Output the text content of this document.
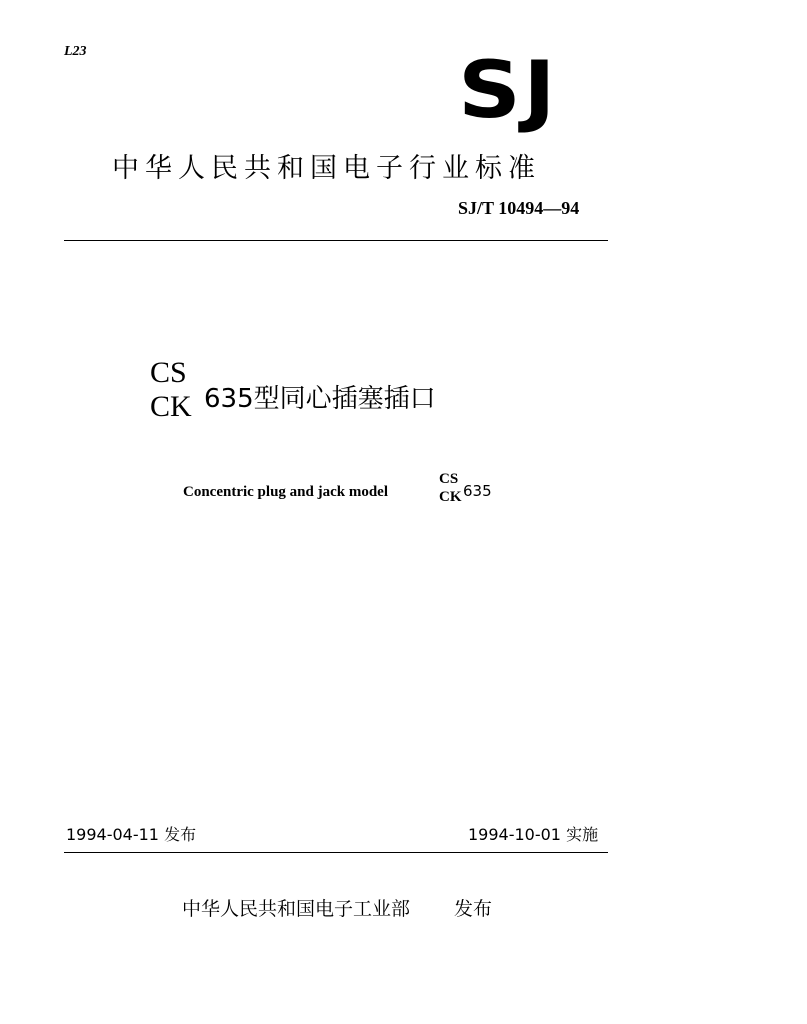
L23	SJ
中华人民共和国电子行业标准
SJ/T 10494—94
CS
CK 635型同心插塞插口
Concentric plug and jack model
CS
CK 635
1994-04-11 发布	1994-10-01 实施
中华人民共和国电子工业部 发布
